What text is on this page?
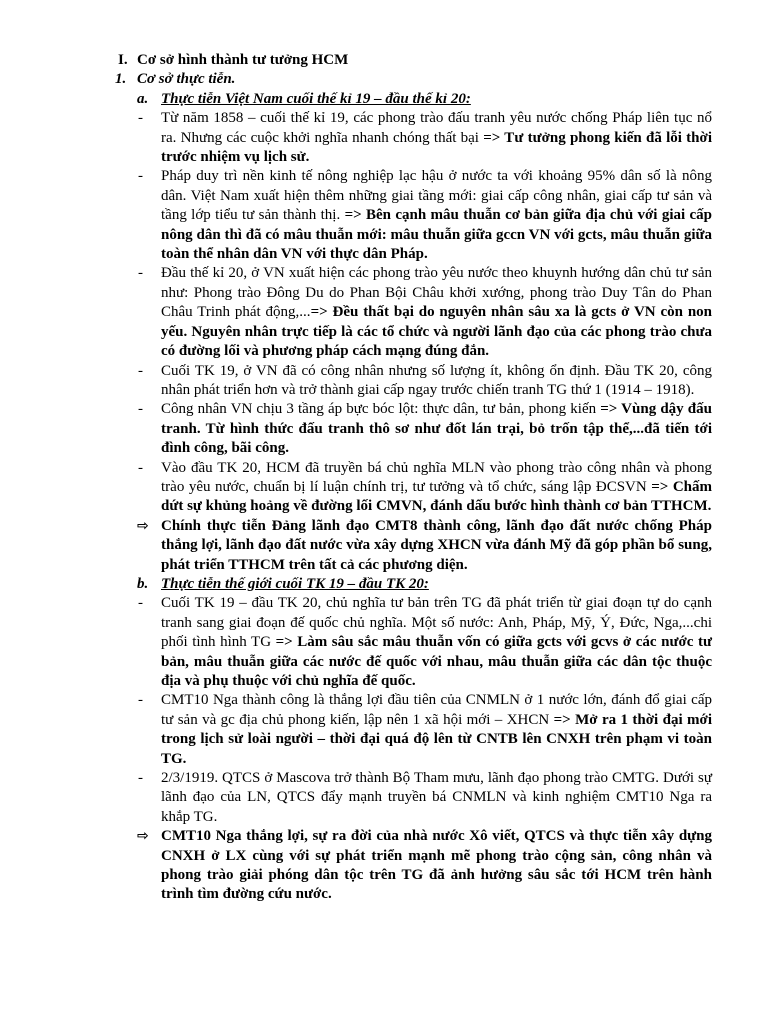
I. Cơ sở hình thành tư tưởng HCM
1. Cơ sở thực tiễn.
a. Thực tiễn Việt Nam cuối thế kỉ 19 – đầu thế kỉ 20:
- Từ năm 1858 – cuối thế kỉ 19, các phong trào đấu tranh yêu nước chống Pháp liên tục nổ ra. Nhưng các cuộc khởi nghĩa nhanh chóng thất bại => Tư tưởng phong kiến đã lỗi thời trước nhiệm vụ lịch sử.
- Pháp duy trì nền kinh tế nông nghiệp lạc hậu ở nước ta với khoảng 95% dân số là nông dân. Việt Nam xuất hiện thêm những giai tầng mới: giai cấp công nhân, giai cấp tư sản và tầng lớp tiểu tư sản thành thị. => Bên cạnh mâu thuẫn cơ bản giữa địa chủ với giai cấp nông dân thì đã có mâu thuẫn mới: mâu thuẫn giữa gccn VN với gcts, mâu thuẫn giữa toàn thể nhân dân VN với thực dân Pháp.
- Đầu thế kỉ 20, ở VN xuất hiện các phong trào yêu nước theo khuynh hướng dân chủ tư sản như: Phong trào Đông Du do Phan Bội Châu khởi xướng, phong trào Duy Tân do Phan Châu Trinh phát động,...=> Đều thất bại do nguyên nhân sâu xa là gcts ở VN còn non yếu. Nguyên nhân trực tiếp là các tổ chức và người lãnh đạo của các phong trào chưa có đường lối và phương pháp cách mạng đúng đắn.
- Cuối TK 19, ở VN đã có công nhân nhưng số lượng ít, không ổn định. Đầu TK 20, công nhân phát triển hơn và trở thành giai cấp ngay trước chiến tranh TG thứ 1 (1914 – 1918).
- Công nhân VN chịu 3 tầng áp bực bóc lột: thực dân, tư bản, phong kiến => Vùng dậy đấu tranh. Từ hình thức đấu tranh thô sơ như đốt lán trại, bỏ trốn tập thể,...đã tiến tới đình công, bãi công.
- Vào đầu TK 20, HCM đã truyền bá chủ nghĩa MLN vào phong trào công nhân và phong trào yêu nước, chuẩn bị lí luận chính trị, tư tưởng và tổ chức, sáng lập ĐCSVN => Chấm dứt sự khủng hoảng về đường lối CMVN, đánh dấu bước hình thành cơ bản TTHCM.
⇨ Chính thực tiễn Đảng lãnh đạo CMT8 thành công, lãnh đạo đất nước chống Pháp thắng lợi, lãnh đạo đất nước vừa xây dựng XHCN vừa đánh Mỹ đã góp phần bổ sung, phát triển TTHCM trên tất cả các phương diện.
b. Thực tiễn thế giới cuối TK 19 – đầu TK 20:
- Cuối TK 19 – đầu TK 20, chủ nghĩa tư bản trên TG đã phát triển từ giai đoạn tự do cạnh tranh sang giai đoạn đế quốc chủ nghĩa. Một số nước: Anh, Pháp, Mỹ, Ý, Đức, Nga,...chi phối tình hình TG => Làm sâu sắc mâu thuẫn vốn có giữa gcts với gcvs ở các nước tư bản, mâu thuẫn giữa các nước đế quốc với nhau, mâu thuẫn giữa các dân tộc thuộc địa và phụ thuộc với chủ nghĩa đế quốc.
- CMT10 Nga thành công là thắng lợi đầu tiên của CNMLN ở 1 nước lớn, đánh đổ giai cấp tư sản và gc địa chủ phong kiến, lập nên 1 xã hội mới – XHCN => Mở ra 1 thời đại mới trong lịch sử loài người – thời đại quá độ lên từ CNTB lên CNXH trên phạm vi toàn TG.
- 2/3/1919. QTCS ở Mascova trở thành Bộ Tham mưu, lãnh đạo phong trào CMTG. Dưới sự lãnh đạo của LN, QTCS đẩy mạnh truyền bá CNMLN và kinh nghiệm CMT10 Nga ra khắp TG.
⇨ CMT10 Nga thắng lợi, sự ra đời của nhà nước Xô viết, QTCS và thực tiễn xây dựng CNXH ở LX cùng với sự phát triển mạnh mẽ phong trào cộng sản, công nhân và phong trào giải phóng dân tộc trên TG đã ảnh hưởng sâu sắc tới HCM trên hành trình tìm đường cứu nước.
